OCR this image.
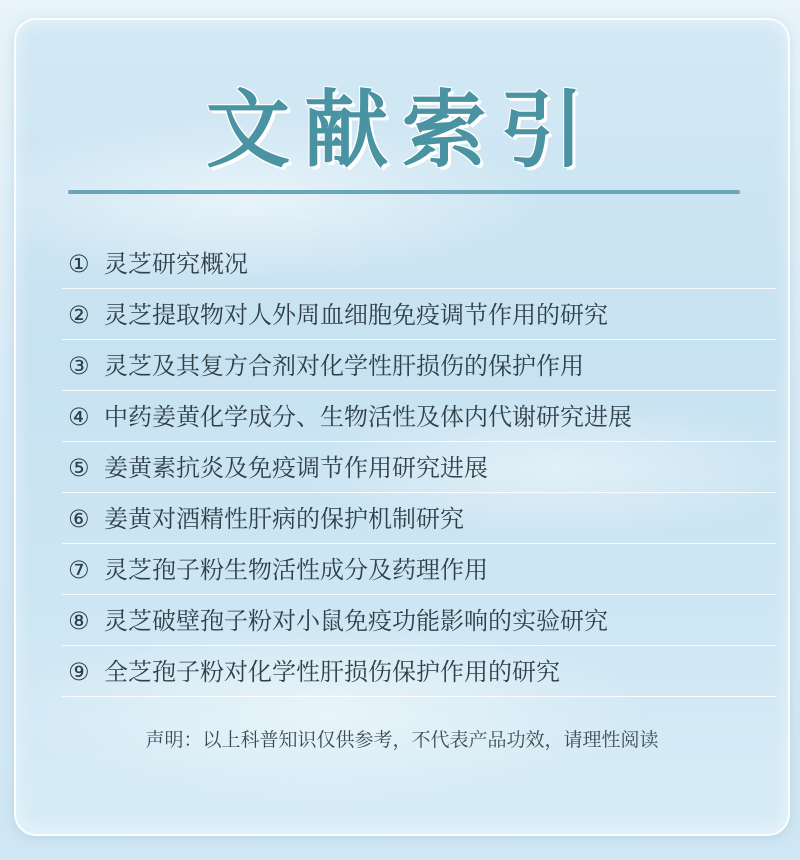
文献索引
① 灵芝研究概况
② 灵芝提取物对人外周血细胞免疫调节作用的研究
③ 灵芝及其复方合剂对化学性肝损伤的保护作用
④ 中药姜黄化学成分、生物活性及体内代谢研究进展
⑤ 姜黄素抗炎及免疫调节作用研究进展
⑥ 姜黄对酒精性肝病的保护机制研究
⑦ 灵芝孢子粉生物活性成分及药理作用
⑧ 灵芝破壁孢子粉对小鼠免疫功能影响的实验研究
⑨ 全芝孢子粉对化学性肝损伤保护作用的研究
声明：以上科普知识仅供参考，不代表产品功效，请理性阅读
